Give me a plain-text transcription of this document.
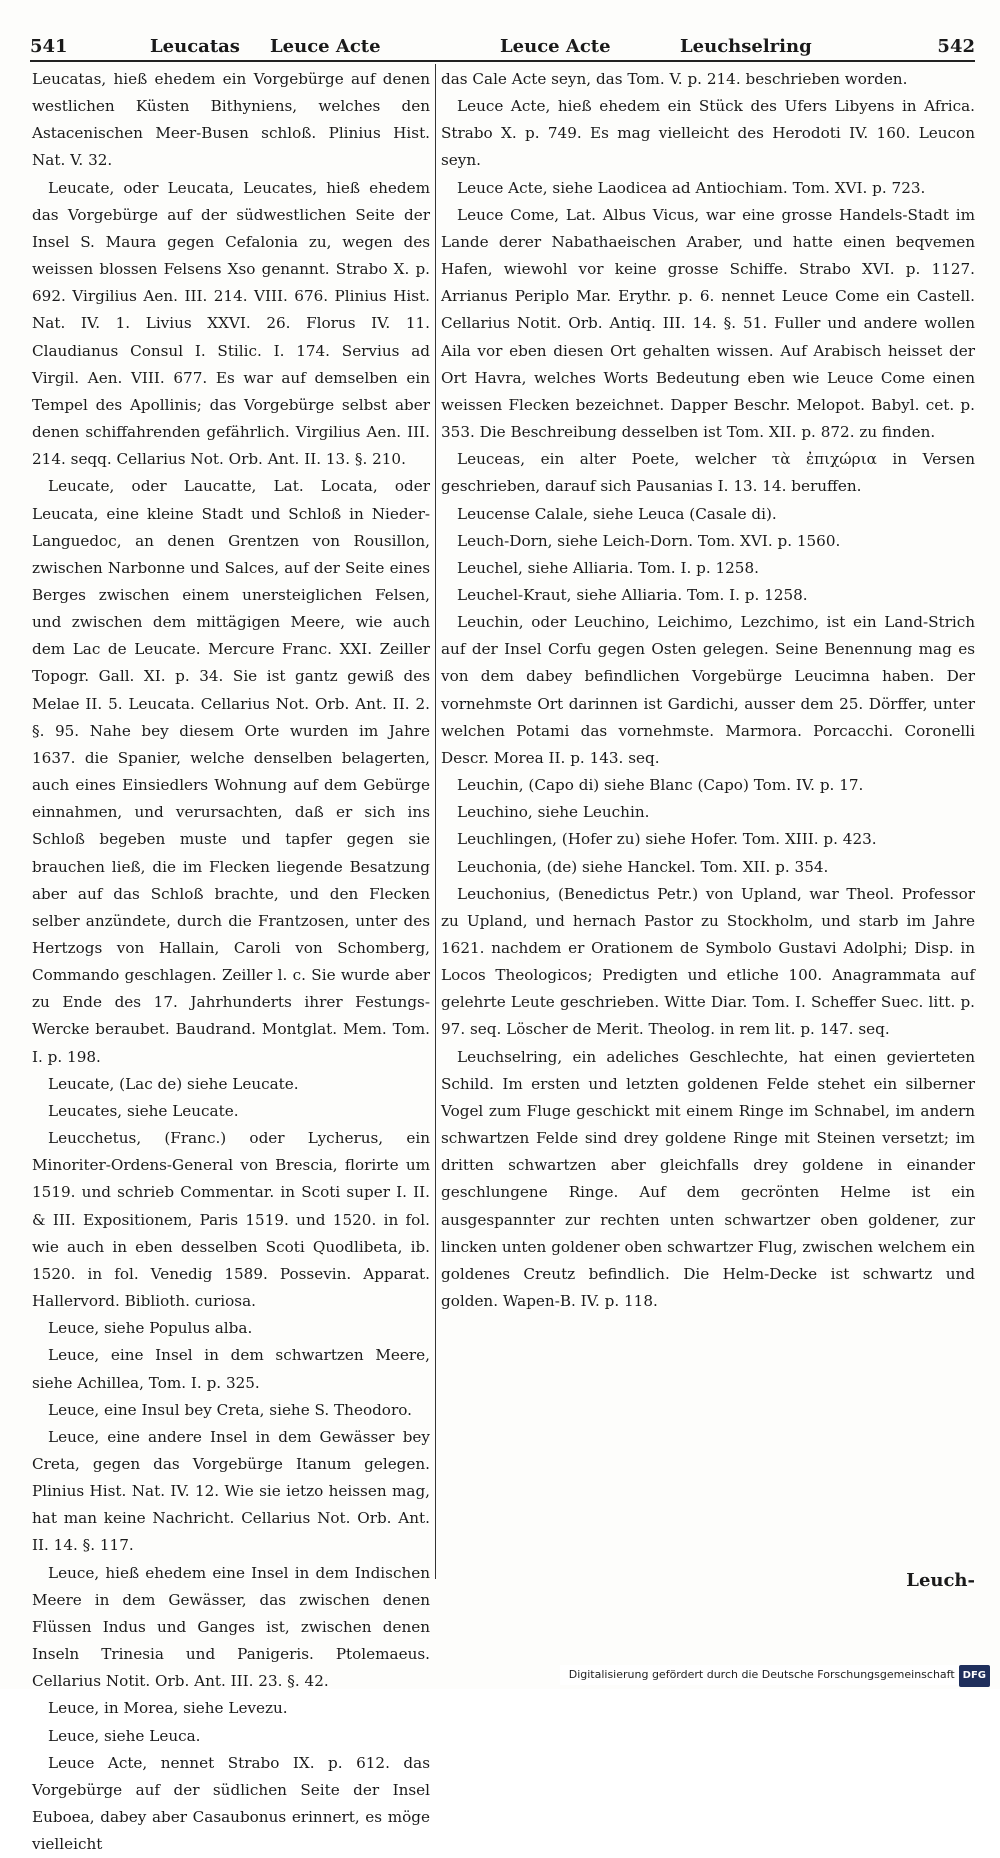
541	Leucatas Leuce Acte	Leuce Acte	Leuchselring	542

Leucatas, hieß ehedem ein Vorgebürge auf denen westlichen Küsten Bithyniens, welches den Astacenischen Meer-Busen schloß. Plinius Hist. Nat. V. 32.

Leucate, oder Leucata, Leucates, hieß ehedem das Vorgebürge auf der südwestlichen Seite der Insel S. Maura gegen Cefalonia zu, wegen des weissen blossen Felsens Xso genannt. Strabo X. p. 692. Virgilius Aen. III. 214. VIII. 676. Plinius Hist. Nat. IV. 1. Livius XXVI. 26. Florus IV. 11. Claudianus Consul I. Stilic. I. 174. Servius ad Virgil. Aen. VIII. 677. Es war auf demselben ein Tempel des Apollinis; das Vorgebürge selbst aber denen schiffahrenden gefährlich. Virgilius Aen. III. 214. seqq. Cellarius Not. Orb. Ant. II. 13. §. 210.

Leucate, oder Laucatte, Lat. Locata, oder Leucata, eine kleine Stadt und Schloß in Nieder-Languedoc, an denen Grentzen von Rousillon, zwischen Narbonne und Salces, auf der Seite eines Berges zwischen einem unersteiglichen Felsen, und zwischen dem mittägigen Meere, wie auch dem Lac de Leucate. Mercure Franc. XXI. Zeiller Topogr. Gall. XI. p. 34. Sie ist gantz gewiß des Melae II. 5. Leucata. Cellarius Not. Orb. Ant. II. 2. §. 95. Nahe bey diesem Orte wurden im Jahre 1637. die Spanier, welche denselben belagerten, auch eines Einsiedlers Wohnung auf dem Gebürge einnahmen, und verursachten, daß er sich ins Schloß begeben muste und tapfer gegen sie brauchen ließ, die im Flecken liegende Besatzung aber auf das Schloß brachte, und den Flecken selber anzündete, durch die Frantzosen, unter des Hertzogs von Hallain, Caroli von Schomberg, Commando geschlagen. Zeiller l. c. Sie wurde aber zu Ende des 17. Jahrhunderts ihrer Festungs-Wercke beraubet. Baudrand. Montglat. Mem. Tom. I. p. 198.

Leucate, (Lac de) siehe Leucate.

Leucates, siehe Leucate.

Leucchetus, (Franc.) oder Lycherus, ein Minoriter-Ordens-General von Brescia, florirte um 1519. und schrieb Commentar. in Scoti super I. II. & III. Expositionem, Paris 1519. und 1520. in fol. wie auch in eben desselben Scoti Quodlibeta, ib. 1520. in fol. Venedig 1589. Possevin. Apparat. Hallervord. Biblioth. curiosa.

Leuce, siehe Populus alba.

Leuce, eine Insel in dem schwartzen Meere, siehe Achillea, Tom. I. p. 325.

Leuce, eine Insul bey Creta, siehe S. Theodoro.

Leuce, eine andere Insel in dem Gewässer bey Creta, gegen das Vorgebürge Itanum gelegen. Plinius Hist. Nat. IV. 12. Wie sie ietzo heissen mag, hat man keine Nachricht. Cellarius Not. Orb. Ant. II. 14. §. 117.

Leuce, hieß ehedem eine Insel in dem Indischen Meere in dem Gewässer, das zwischen denen Flüssen Indus und Ganges ist, zwischen denen Inseln Trinesia und Panigeris. Ptolemaeus. Cellarius Notit. Orb. Ant. III. 23. §. 42.

Leuce, in Morea, siehe Levezu.

Leuce, siehe Leuca.

Leuce Acte, nennet Strabo IX. p. 612. das Vorgebürge auf der südlichen Seite der Insel Euboea, dabey aber Casaubonus erinnert, es möge vielleicht

das Cale Acte seyn, das Tom. V. p. 214. beschrieben worden.

Leuce Acte, hieß ehedem ein Stück des Ufers Libyens in Africa. Strabo X. p. 749. Es mag vielleicht des Herodoti IV. 160. Leucon seyn.

Leuce Acte, siehe Laodicea ad Antiochiam. Tom. XVI. p. 723.

Leuce Come, Lat. Albus Vicus, war eine grosse Handels-Stadt im Lande derer Nabathaeischen Araber, und hatte einen beqvemen Hafen, wiewohl vor keine grosse Schiffe. Strabo XVI. p. 1127. Arrianus Periplo Mar. Erythr. p. 6. nennet Leuce Come ein Castell. Cellarius Notit. Orb. Antiq. III. 14. §. 51. Fuller und andere wollen Aila vor eben diesen Ort gehalten wissen. Auf Arabisch heisset der Ort Havra, welches Worts Bedeutung eben wie Leuce Come einen weissen Flecken bezeichnet. Dapper Beschr. Melopot. Babyl. cet. p. 353. Die Beschreibung desselben ist Tom. XII. p. 872. zu finden.

Leuceas, ein alter Poete, welcher τὰ ἐπιχώρια in Versen geschrieben, darauf sich Pausanias I. 13. 14. beruffen.

Leucense Calale, siehe Leuca (Casale di).

Leuch-Dorn, siehe Leich-Dorn. Tom. XVI. p. 1560.

Leuchel, siehe Alliaria. Tom. I. p. 1258.

Leuchel-Kraut, siehe Alliaria. Tom. I. p. 1258.

Leuchin, oder Leuchino, Leichimo, Lezchimo, ist ein Land-Strich auf der Insel Corfu gegen Osten gelegen. Seine Benennung mag es von dem dabey befindlichen Vorgebürge Leucimna haben. Der vornehmste Ort darinnen ist Gardichi, ausser dem 25. Dörffer, unter welchen Potami das vornehmste. Marmora. Porcacchi. Coronelli Descr. Morea II. p. 143. seq.

Leuchin, (Capo di) siehe Blanc (Capo) Tom. IV. p. 17.

Leuchino, siehe Leuchin.

Leuchlingen, (Hofer zu) siehe Hofer. Tom. XIII. p. 423.

Leuchonia, (de) siehe Hanckel. Tom. XII. p. 354.

Leuchonius, (Benedictus Petr.) von Upland, war Theol. Professor zu Upland, und hernach Pastor zu Stockholm, und starb im Jahre 1621. nachdem er Orationem de Symbolo Gustavi Adolphi; Disp. in Locos Theologicos; Predigten und etliche 100. Anagrammata auf gelehrte Leute geschrieben. Witte Diar. Tom. I. Scheffer Suec. litt. p. 97. seq. Löscher de Merit. Theolog. in rem lit. p. 147. seq.

Leuchselring, ein adeliches Geschlechte, hat einen gevierteten Schild. Im ersten und letzten goldenen Felde stehet ein silberner Vogel zum Fluge geschickt mit einem Ringe im Schnabel, im andern schwartzen Felde sind drey goldene Ringe mit Steinen versetzt; im dritten schwartzen aber gleichfalls drey goldene in einander geschlungene Ringe. Auf dem gecrönten Helme ist ein ausgespannter zur rechten unten schwartzer oben goldener, zur lincken unten goldener oben schwartzer Flug, zwischen welchem ein goldenes Creutz befindlich. Die Helm-Decke ist schwartz und golden. Wapen-B. IV. p. 118.

Leuch-
Digitalisierung gefördert durch die Deutsche Forschungsgemeinschaft DFG
